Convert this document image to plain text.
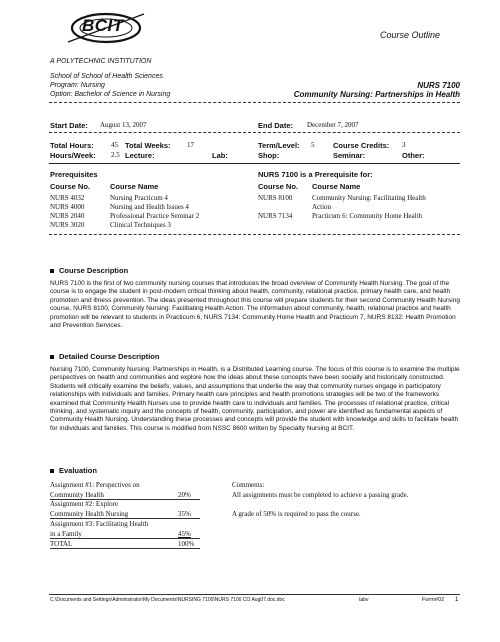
BCIT
A POLYTECHNIC INSTITUTION
Course Outline
School of School of Health Sciences
Program: Nursing
Option: Bachelor of Science in Nursing
NURS 7100
Community Nursing: Partnerships in Health
Start Date: August 13, 2007	End Date: December 7, 2007
Total Hours: 45 Total Weeks: 17	Term/Level: 5 Course Credits: 3
Hours/Week: 2.5 Lecture:	Lab:	Shop:	Seminar:	Other:
Prerequisites
Course No.	Course Name
NURS 4032	Nursing Practicum 4
NURS 4000	Nursing and Health Issues 4
NURS 2040	Professional Practice Seminar 2
NURS 3020	Clinical Techniques 3
NURS 7100 is a Prerequisite for:
Course No. Course Name
NURS 8100	Community Nursing: Facilitating Health
Action
NURS 7134	Practicum 6: Community Home Health
Course Description
NURS 7100 is the first of two community nursing courses that introduces the broad overview of Community Health Nursing. The goal of the course is to engage the student in post-modern critical thinking about health, community, relational practice, primary health care, and health promotion and illness prevention. The ideas presented throughout this course will prepare students for their second Community Health Nursing course, NURS 8100, Community Nursing: Facilitating Health Action. The information about community, health, relational practice and health promotion will be relevant to students in Practicum 6, NURS 7134: Community Home Health and Practicum 7, NURS 8132: Health Promotion and Prevention Services.
Detailed Course Description
Nursing 7100, Community Nursing: Partnerships in Health, is a Distributed Learning course. The focus of this course is to examine the multiple perspectives on health and communities and explore how the ideas about these concepts have been socially and historically constructed. Students will critically examine the beliefs, values, and assumptions that underlie the way that community nurses engage in participatory relationships with individuals and families. Primary health care principles and health promotions strategies will be two of the frameworks examined that Community Health Nurses use to provide health care to individuals and families. The processes of relational practice, critical thinking, and systematic inquiry and the concepts of health, community, participation, and power are identified as fundamental aspects of Community Health Nursing. Understanding these processes and concepts will provide the student with knowledge and skills to facilitate health for individuals and families. This course is modified from NSSC 8600 written by Specialty Nursing at BCIT.
Evaluation
Assignment #1: Perspectives on
Community Health	20%
Assignment #2: Explore
Community Health Nursing	35%
Assignment #3: Facilitating Health
in a Family	45%
TOTAL	100%
Comments:
All assignments must be completed to achieve a passing grade.
A grade of 50% is required to pass the course.
C:\Documents and Settings\Administrator\My Documents\NURSING 7100\NURS 7100 CO Aug07.doc.doc	tabv	Form#02 1
